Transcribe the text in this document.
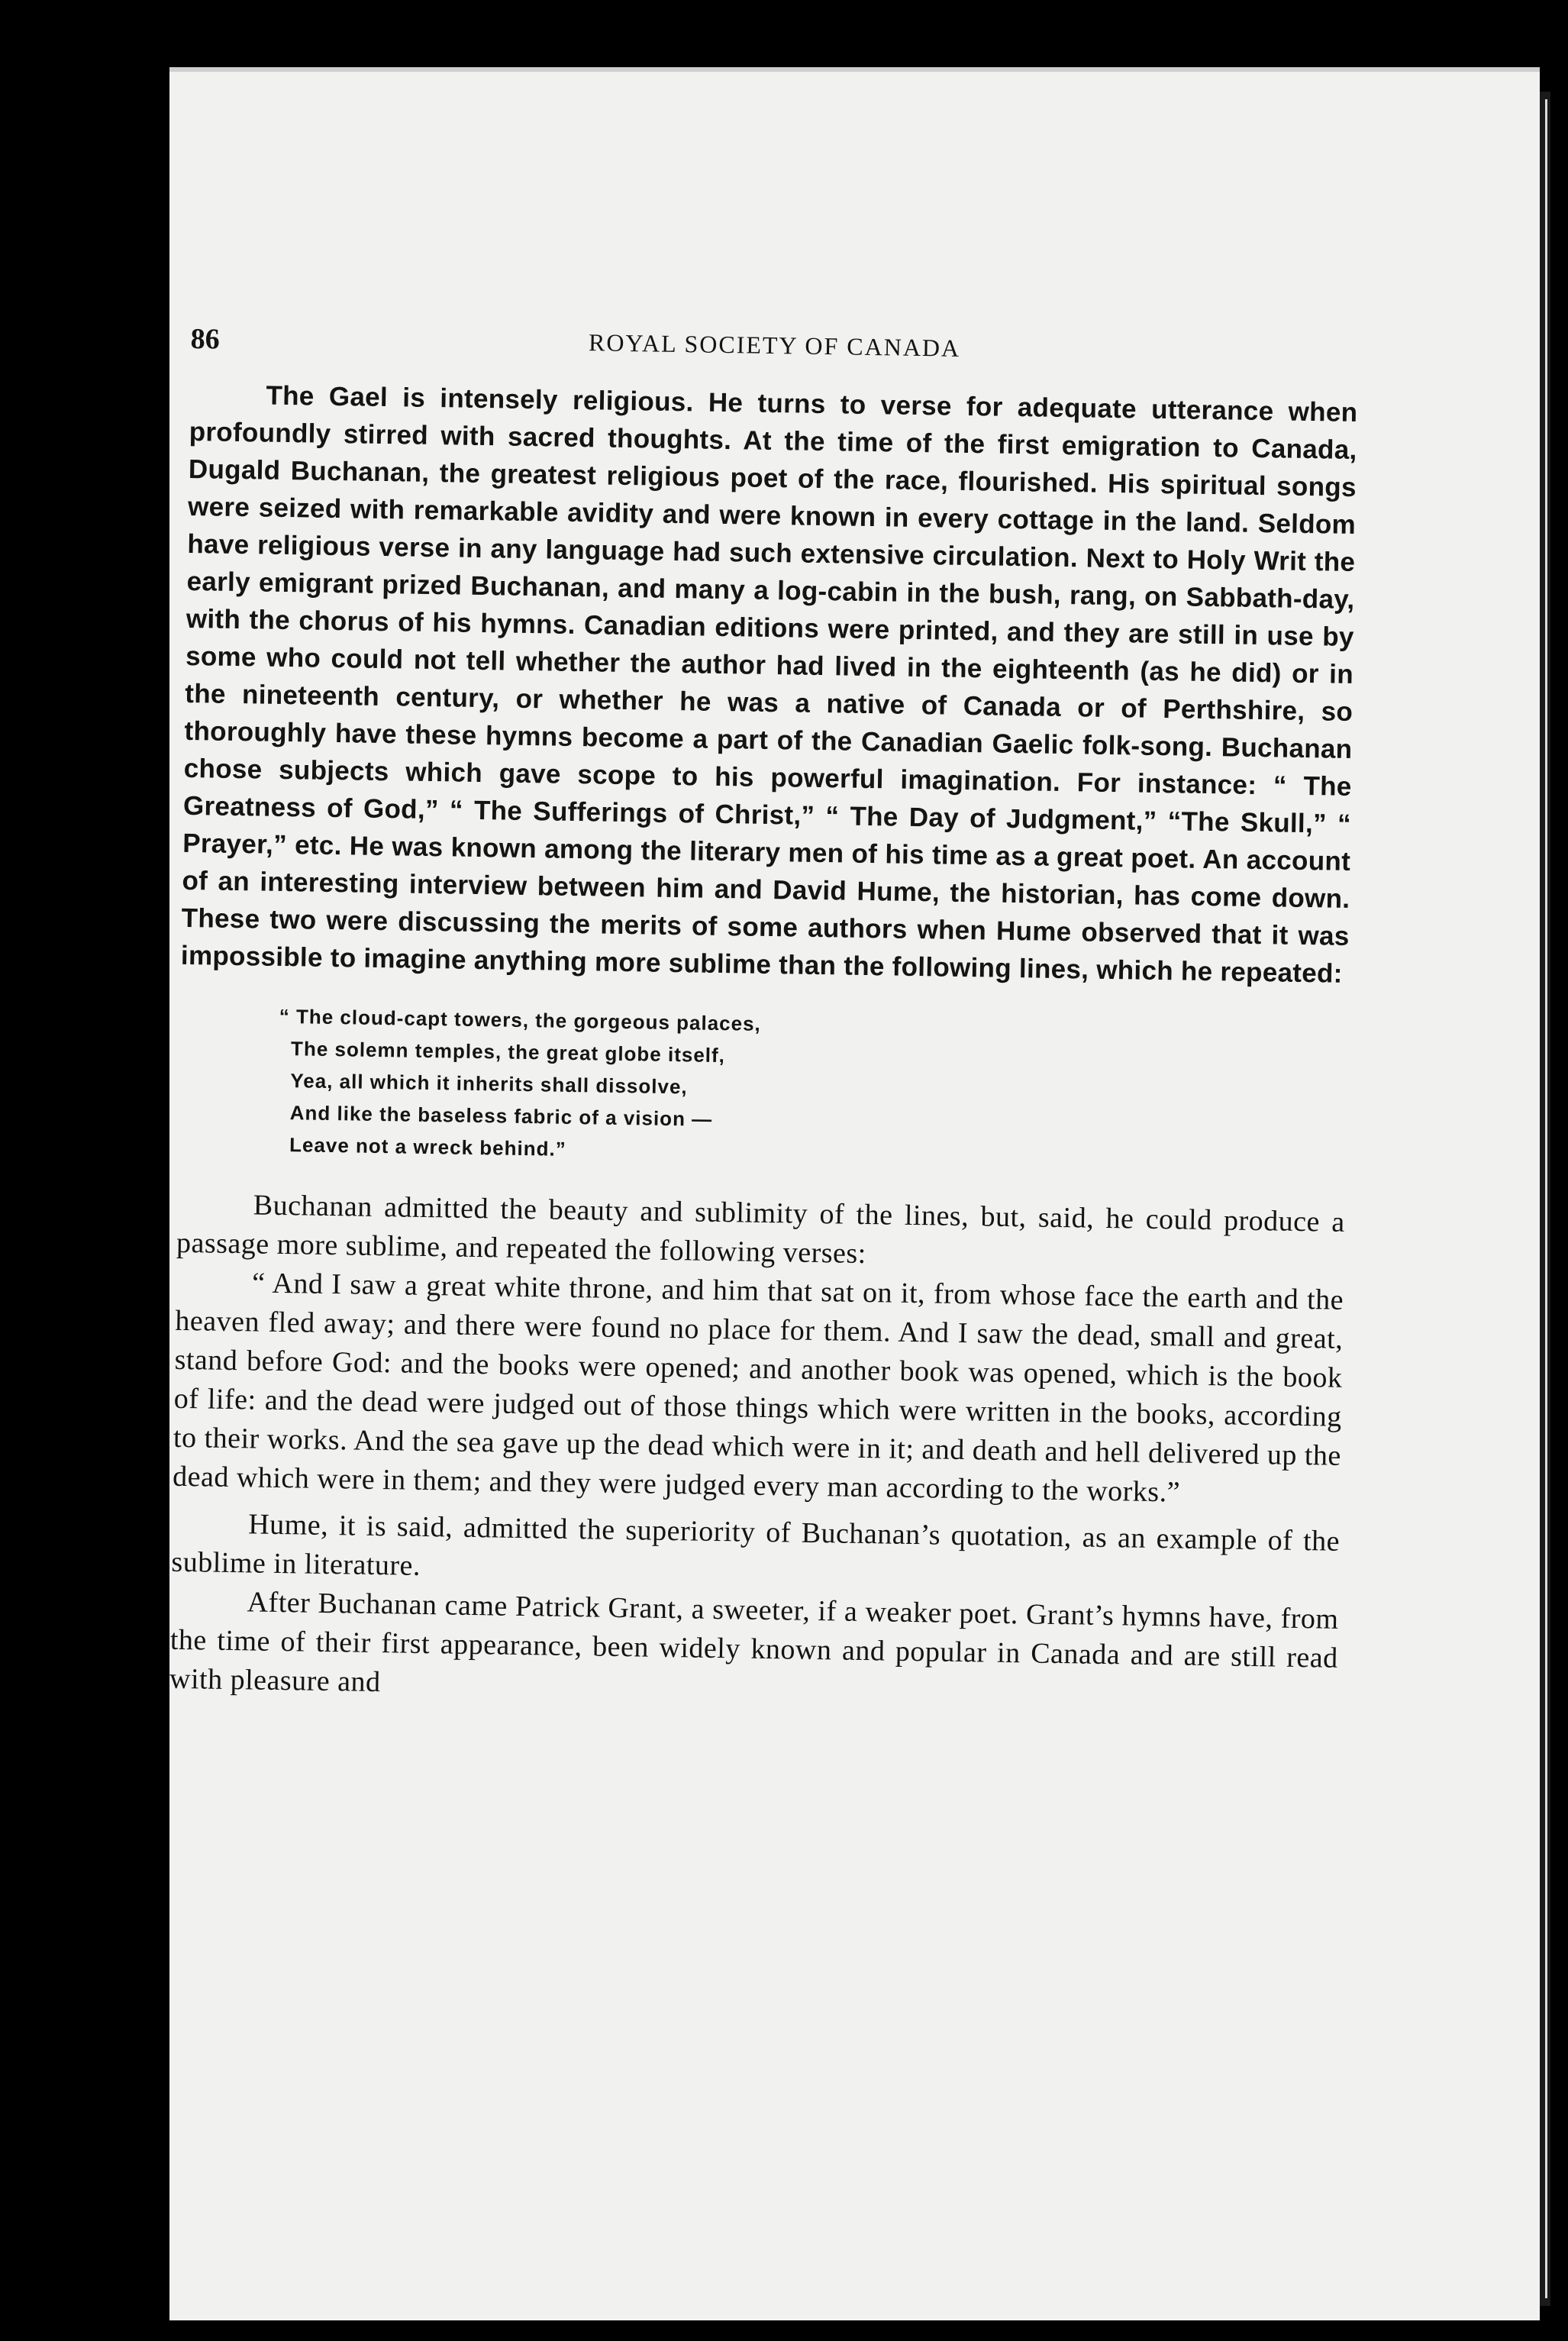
86	ROYAL SOCIETY OF CANADA

The Gael is intensely religious. He turns to verse for adequate utterance when profoundly stirred with sacred thoughts. At the time of the first emigration to Canada, Dugald Buchanan, the greatest religious poet of the race, flourished. His spiritual songs were seized with remarkable avidity and were known in every cottage in the land. Seldom have religious verse in any language had such extensive circulation. Next to Holy Writ the early emigrant prized Buchanan, and many a log-cabin in the bush, rang, on Sabbath-day, with the chorus of his hymns. Canadian editions were printed, and they are still in use by some who could not tell whether the author had lived in the eighteenth (as he did) or in the nineteenth century, or whether he was a native of Canada or of Perthshire, so thoroughly have these hymns become a part of the Canadian Gaelic folk-song. Buchanan chose subjects which gave scope to his powerful imagination. For instance: “ The Greatness of God,” “ The Sufferings of Christ,” “ The Day of Judgment,” “The Skull,” “ Prayer,” etc. He was known among the literary men of his time as a great poet. An account of an interesting interview between him and David Hume, the historian, has come down. These two were discussing the merits of some authors when Hume observed that it was impossible to imagine anything more sublime than the following lines, which he repeated:

“ The cloud-capt towers, the gorgeous palaces,
The solemn temples, the great globe itself,
Yea, all which it inherits shall dissolve,
And like the baseless fabric of a vision —
Leave not a wreck behind.”

Buchanan admitted the beauty and sublimity of the lines, but, said, he could produce a passage more sublime, and repeated the following verses:

“ And I saw a great white throne, and him that sat on it, from whose face the earth and the heaven fled away; and there were found no place for them. And I saw the dead, small and great, stand before God: and the books were opened; and another book was opened, which is the book of life: and the dead were judged out of those things which were written in the books, according to their works. And the sea gave up the dead which were in it; and death and hell delivered up the dead which were in them; and they were judged every man according to the works.”

Hume, it is said, admitted the superiority of Buchanan’s quotation, as an example of the sublime in literature.

After Buchanan came Patrick Grant, a sweeter, if a weaker poet. Grant’s hymns have, from the time of their first appearance, been widely known and popular in Canada and are still read with pleasure and
